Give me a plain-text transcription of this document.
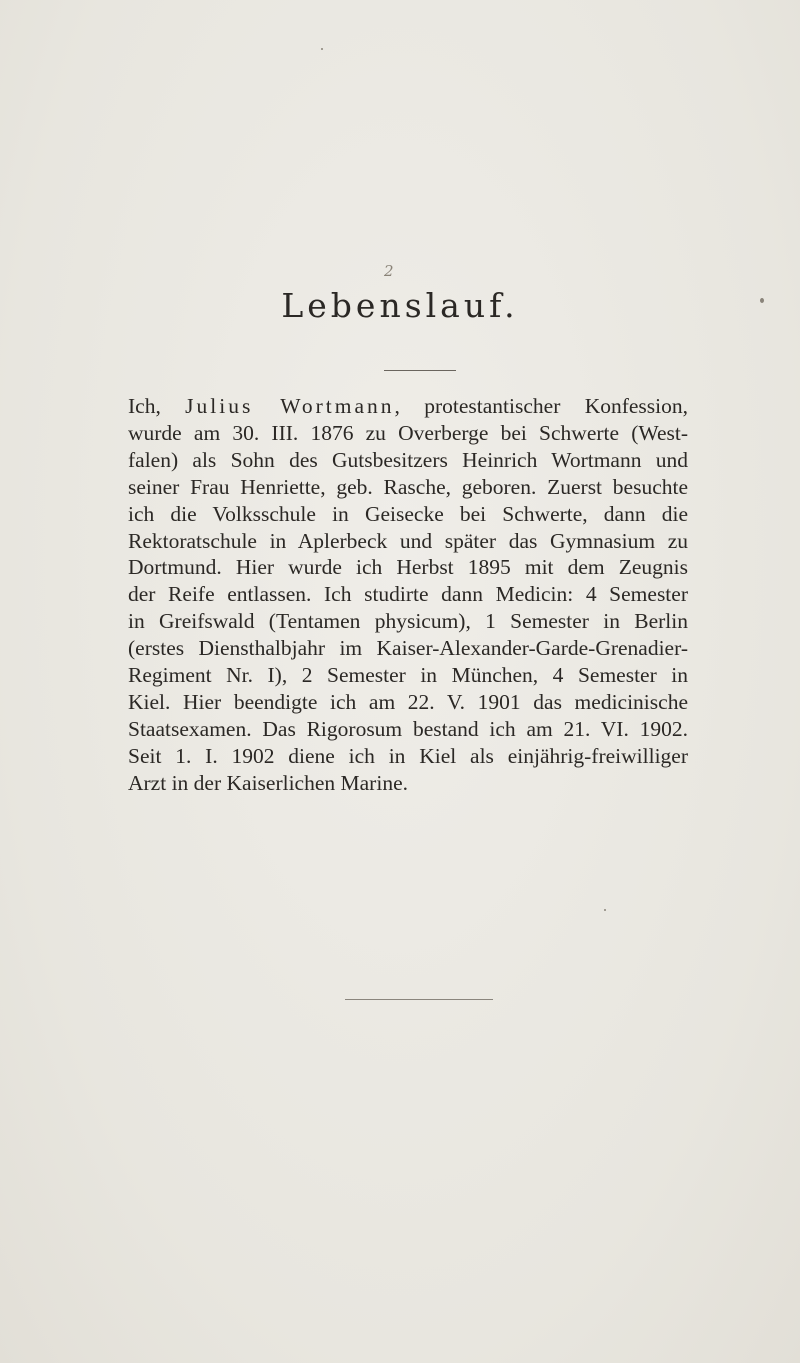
2
Lebenslauf.
Ich, Julius Wortmann, protestantischer Konfession,
wurde am 30. III. 1876 zu Overberge bei Schwerte (West-
falen) als Sohn des Gutsbesitzers Heinrich Wortmann und
seiner Frau Henriette, geb. Rasche, geboren. Zuerst besuchte
ich die Volksschule in Geisecke bei Schwerte, dann die
Rektoratschule in Aplerbeck und später das Gymnasium zu
Dortmund. Hier wurde ich Herbst 1895 mit dem Zeugnis
der Reife entlassen. Ich studirte dann Medicin: 4 Semester
in Greifswald (Tentamen physicum), 1 Semester in Berlin
(erstes Diensthalbjahr im Kaiser-Alexander-Garde-Grenadier-
Regiment Nr. I), 2 Semester in München, 4 Semester in
Kiel. Hier beendigte ich am 22. V. 1901 das medicinische
Staatsexamen. Das Rigorosum bestand ich am 21. VI. 1902.
Seit 1. I. 1902 diene ich in Kiel als einjährig-freiwilliger
Arzt in der Kaiserlichen Marine.
